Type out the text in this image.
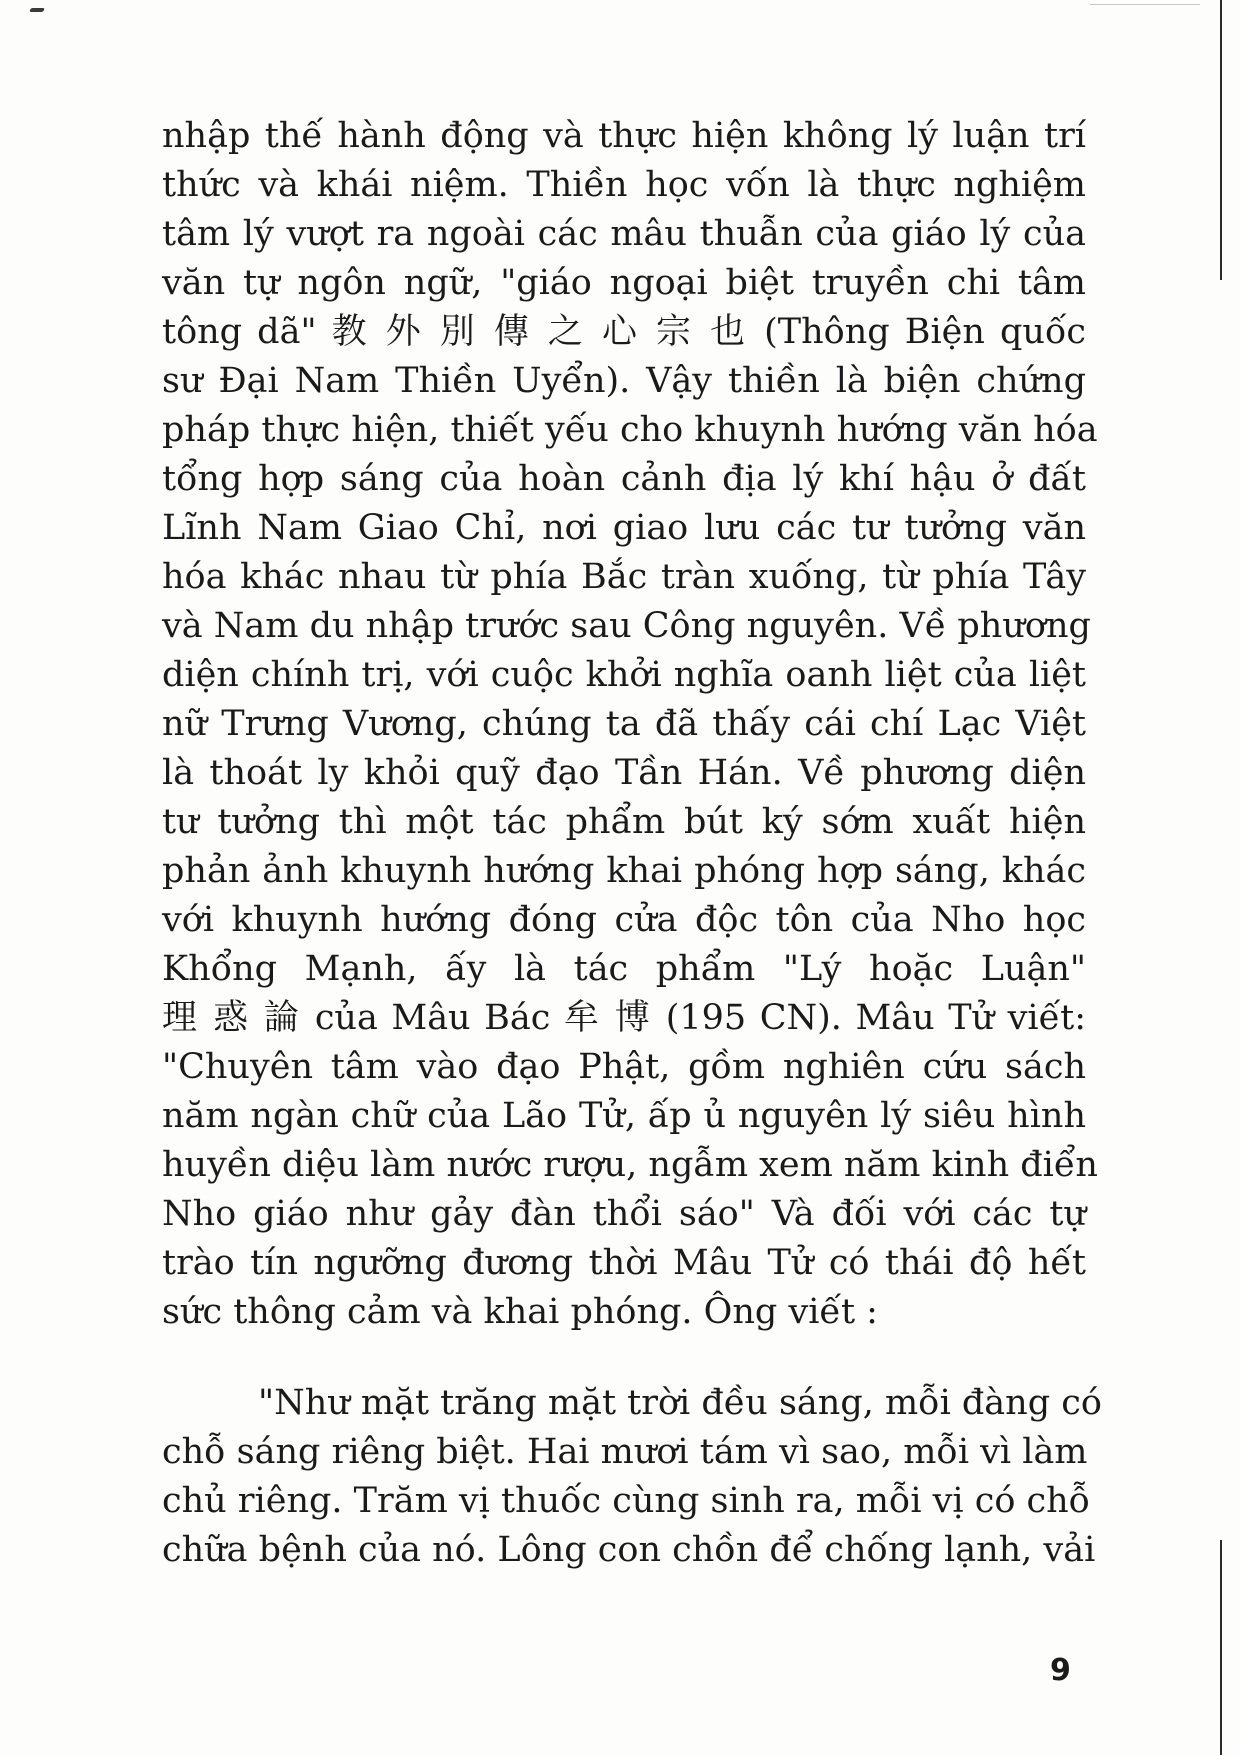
nhập thế hành động và thực hiện không lý luận trí
thức và khái niệm. Thiền học vốn là thực nghiệm
tâm lý vượt ra ngoài các mâu thuẫn của giáo lý của
văn tự ngôn ngữ, "giáo ngoại biệt truyền chi tâm
tông dã" 教 外 別 傳 之 心 宗 也 (Thông Biện quốc
sư Đại Nam Thiền Uyển). Vậy thiền là biện chứng
pháp thực hiện, thiết yếu cho khuynh hướng văn hóa
tổng hợp sáng của hoàn cảnh địa lý khí hậu ở đất
Lĩnh Nam Giao Chỉ, nơi giao lưu các tư tưởng văn
hóa khác nhau từ phía Bắc tràn xuống, từ phía Tây
và Nam du nhập trước sau Công nguyên. Về phương
diện chính trị, với cuộc khởi nghĩa oanh liệt của liệt
nữ Trưng Vương, chúng ta đã thấy cái chí Lạc Việt
là thoát ly khỏi quỹ đạo Tần Hán. Về phương diện
tư tưởng thì một tác phẩm bút ký sớm xuất hiện
phản ảnh khuynh hướng khai phóng hợp sáng, khác
với khuynh hướng đóng cửa độc tôn của Nho học
Khổng Mạnh, ấy là tác phẩm "Lý hoặc Luận"
理 惑 論 của Mâu Bác 牟 博 (195 CN). Mâu Tử viết:
"Chuyên tâm vào đạo Phật, gồm nghiên cứu sách
năm ngàn chữ của Lão Tử, ấp ủ nguyên lý siêu hình
huyền diệu làm nước rượu, ngẫm xem năm kinh điển
Nho giáo như gảy đàn thổi sáo" Và đối với các tự
trào tín ngưỡng đương thời Mâu Tử có thái độ hết
sức thông cảm và khai phóng. Ông viết :
"Như mặt trăng mặt trời đều sáng, mỗi đàng có
chỗ sáng riêng biệt. Hai mươi tám vì sao, mỗi vì làm
chủ riêng. Trăm vị thuốc cùng sinh ra, mỗi vị có chỗ
chữa bệnh của nó. Lông con chồn để chống lạnh, vải
9
